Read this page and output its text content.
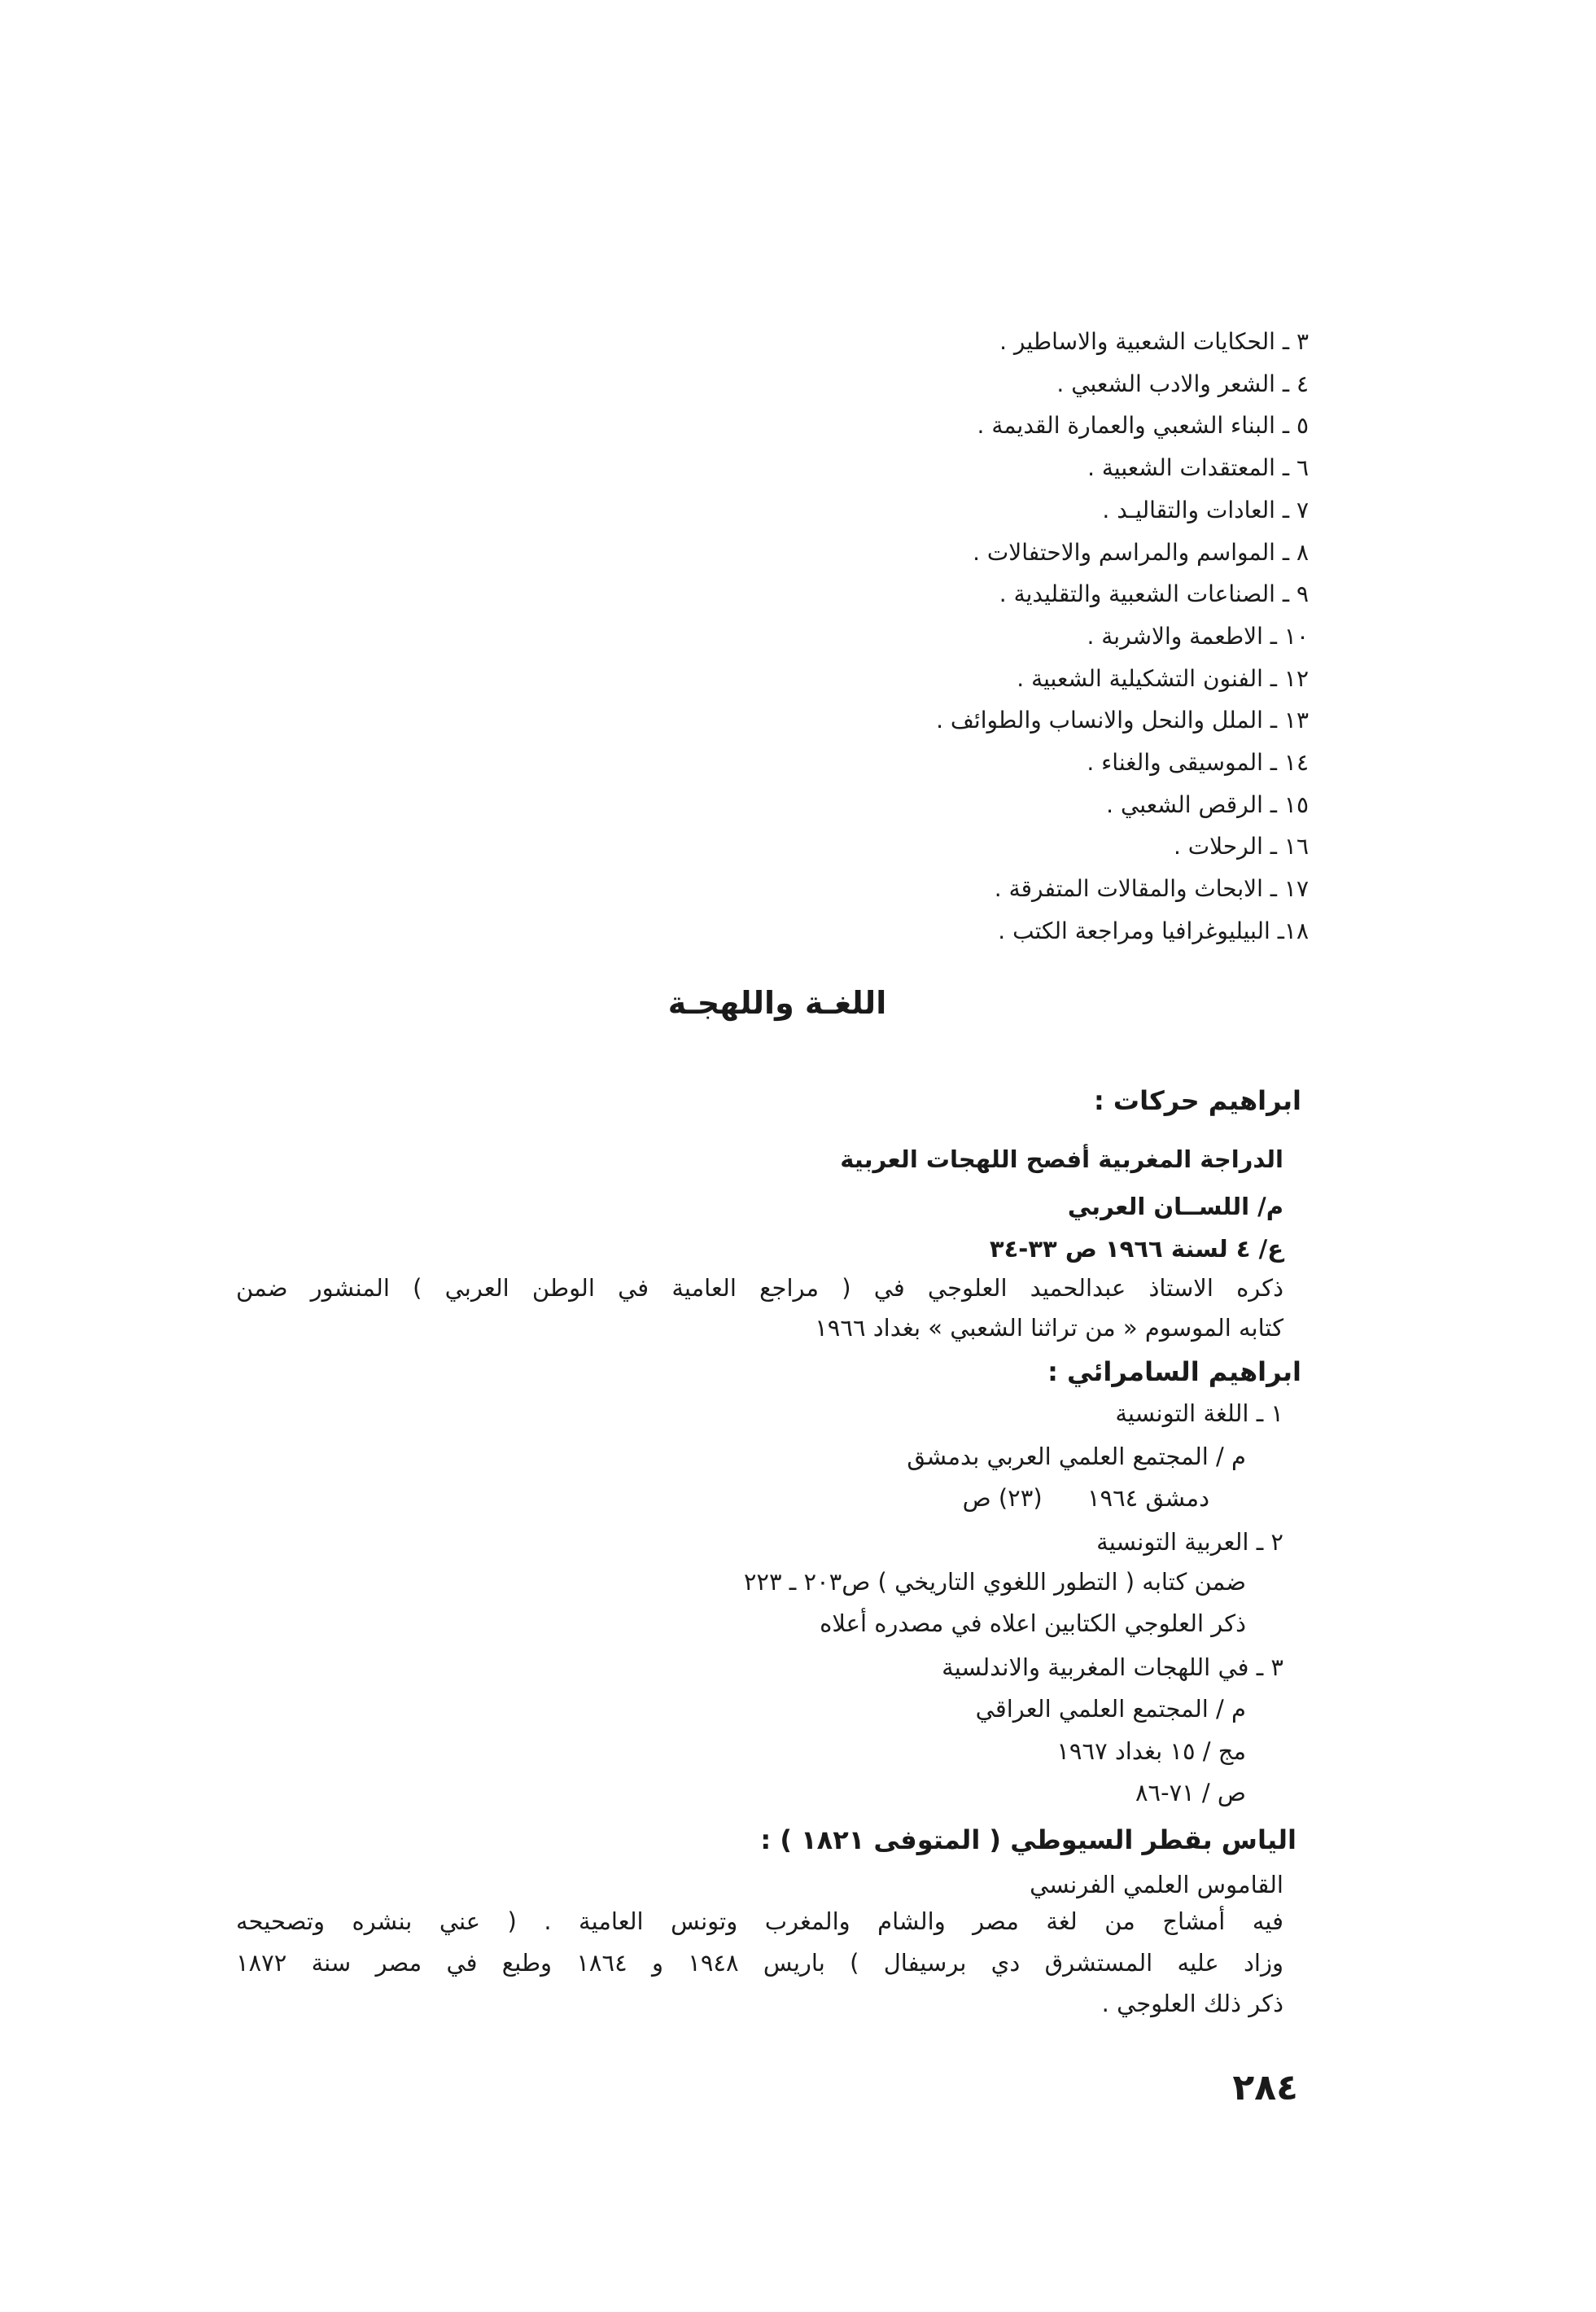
٣ ـ الحكايات الشعبية والاساطير .
٤ ـ الشعر والادب الشعبي .
٥ ـ البناء الشعبي والعمارة القديمة .
٦ ـ المعتقدات الشعبية .
٧ ـ العادات والتقاليـد .
٨ ـ المواسم والمراسم والاحتفالات .
٩ ـ الصناعات الشعبية والتقليدية .
١٠ ـ الاطعمة والاشربة .
١٢ ـ الفنون التشكيلية الشعبية .
١٣ ـ الملل والنحل والانساب والطوائف .
١٤ ـ الموسيقى والغناء .
١٥ ـ الرقص الشعبي .
١٦ ـ الرحلات .
١٧ ـ الابحاث والمقالات المتفرقة .
١٨ـ البيليوغرافيا ومراجعة الكتب .
اللغـة واللهجـة
ابراهيم حركات :
الدراجة المغربية أفصح اللهجات العربية
م/ اللســان العربي
ع/ ٤ لسنة ١٩٦٦ ص ٣٣-٣٤
ذكره الاستاذ عبدالحميد العلوجي في ( مراجع العامية في الوطن العربي ) المنشور ضمن
كتابه الموسوم « من تراثنا الشعبي » بغداد ١٩٦٦
ابراهيم السامرائي :
١ ـ اللغة التونسية
م / المجتمع العلمي العربي بدمشق
دمشق ١٩٦٤      (٢٣) ص
٢ ـ العربية التونسية
ضمن كتابه ( التطور اللغوي التاريخي ) ص٢٠٣ ـ ٢٢٣
ذكر العلوجي الكتابين اعلاه في مصدره أعلاه
٣ ـ في اللهجات المغربية والاندلسية
م / المجتمع العلمي العراقي
مج / ١٥ بغداد ١٩٦٧
ص / ٧١-٨٦
الياس بقطر السيوطي ( المتوفى ١٨٢١ ) :
القاموس العلمي الفرنسي
فيه أمشاج من لغة مصر والشام والمغرب وتونس العامية . ( عني بنشره وتصحيحه
وزاد عليه المستشرق دي برسيفال ) باريس ١٩٤٨ و ١٨٦٤ وطبع في مصر سنة ١٨٧٢
ذكر ذلك العلوجي .
٢٨٤
